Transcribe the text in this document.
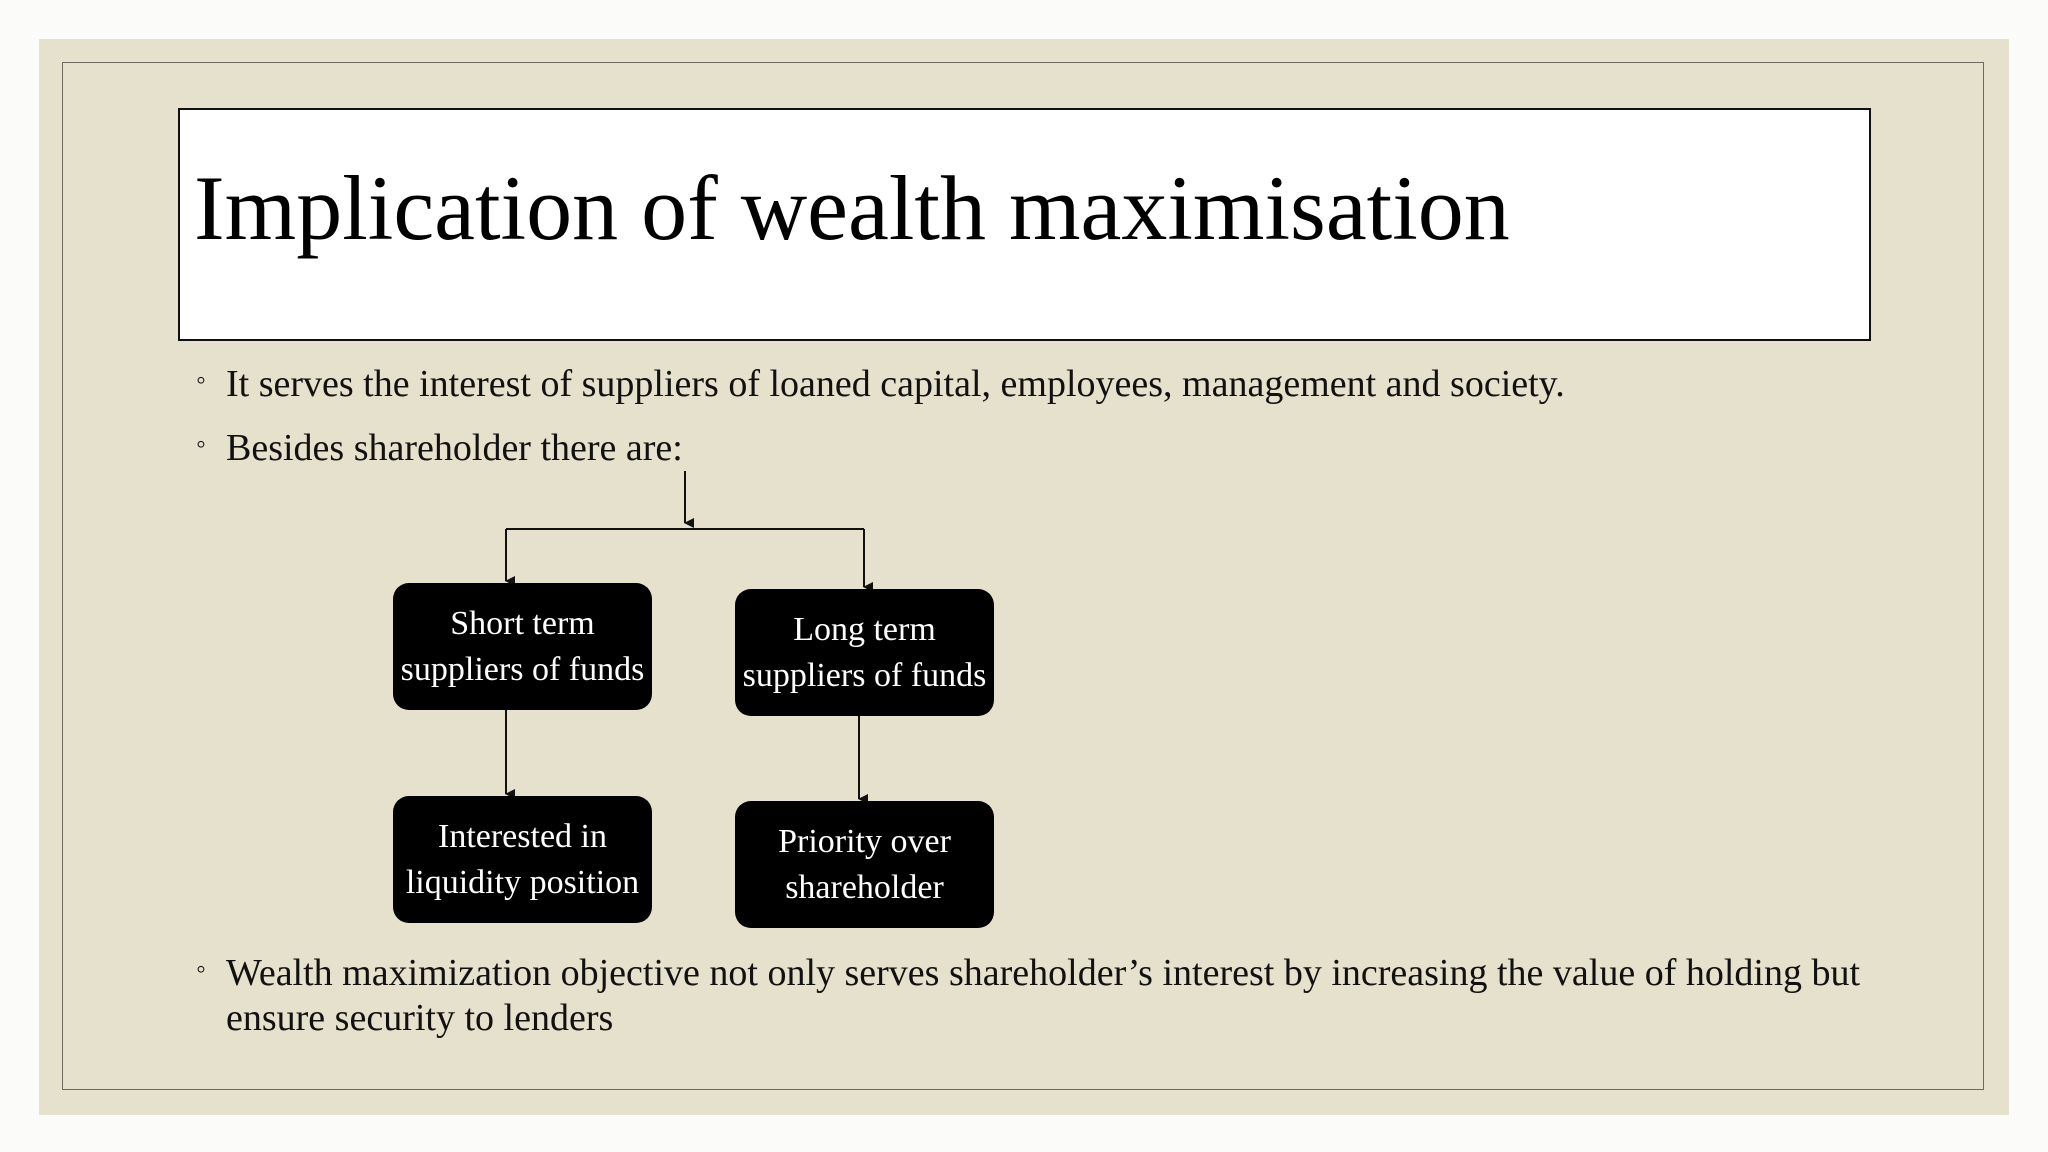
Implication of wealth maximisation
◦ It serves the interest of suppliers of loaned capital, employees, management and society.
◦ Besides shareholder there are:
Short term suppliers of funds
Long term suppliers of funds
Interested in liquidity position
Priority over shareholder
◦ Wealth maximization objective not only serves shareholder’s interest by increasing the value of holding but ensure security to lenders
